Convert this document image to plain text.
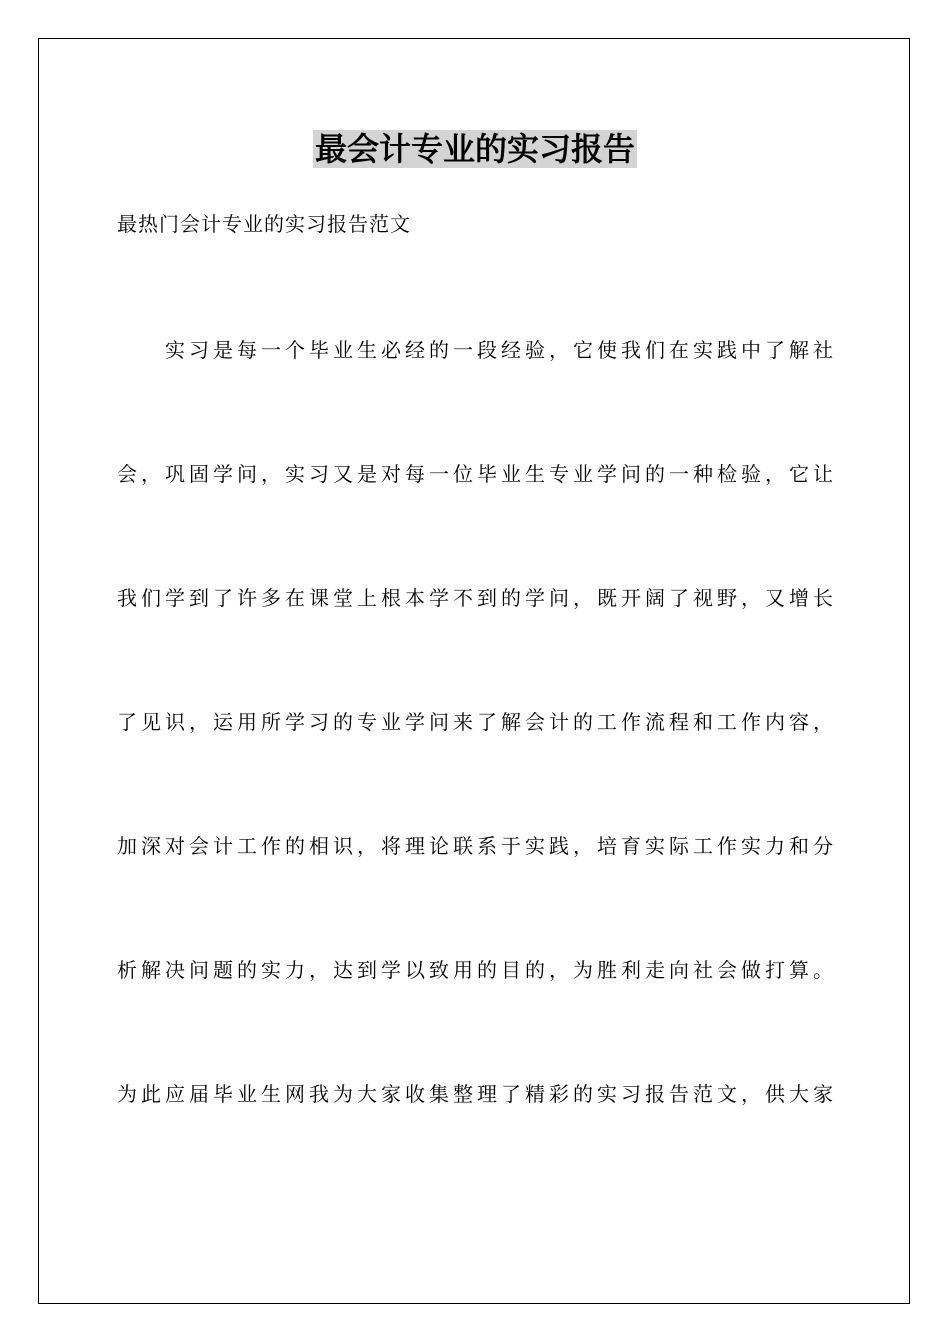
最会计专业的实习报告
最热门会计专业的实习报告范文
实习是每一个毕业生必经的一段经验，它使我们在实践中了解社
会，巩固学问，实习又是对每一位毕业生专业学问的一种检验，它让
我们学到了许多在课堂上根本学不到的学问，既开阔了视野，又增长
了见识，运用所学习的专业学问来了解会计的工作流程和工作内容，
加深对会计工作的相识，将理论联系于实践，培育实际工作实力和分
析解决问题的实力，达到学以致用的目的，为胜利走向社会做打算。
为此应届毕业生网我为大家收集整理了精彩的实习报告范文，供大家
